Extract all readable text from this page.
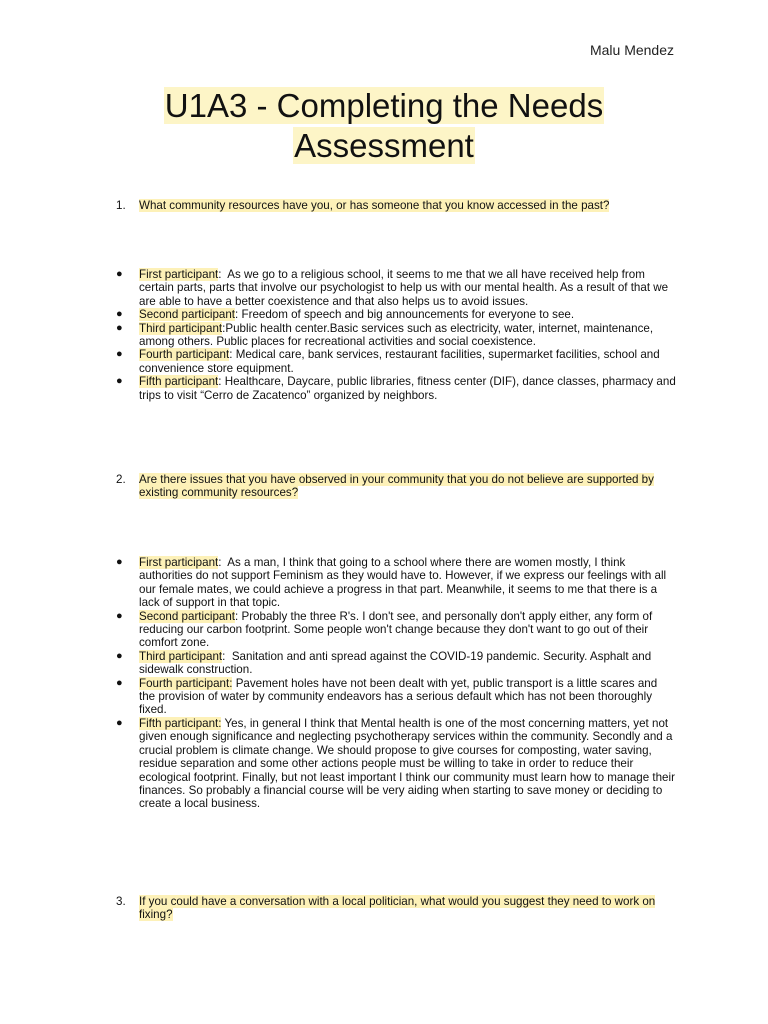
Malu Mendez
U1A3 - Completing the Needs
Assessment
1. What community resources have you, or has someone that you know accessed in the past?
● First participant:  As we go to a religious school, it seems to me that we all have received help from certain parts, parts that involve our psychologist to help us with our mental health. As a result of that we are able to have a better coexistence and that also helps us to avoid issues.
● Second participant: Freedom of speech and big announcements for everyone to see.
● Third participant:Public health center.Basic services such as electricity, water, internet, maintenance, among others. Public places for recreational activities and social coexistence.
● Fourth participant: Medical care, bank services, restaurant facilities, supermarket facilities, school and convenience store equipment.
● Fifth participant: Healthcare, Daycare, public libraries, fitness center (DIF), dance classes, pharmacy and trips to visit “Cerro de Zacatenco” organized by neighbors.
2. Are there issues that you have observed in your community that you do not believe are supported by existing community resources?
● First participant:  As a man, I think that going to a school where there are women mostly, I think authorities do not support Feminism as they would have to. However, if we express our feelings with all our female mates, we could achieve a progress in that part. Meanwhile, it seems to me that there is a lack of support in that topic.
● Second participant: Probably the three R's. I don't see, and personally don't apply either, any form of reducing our carbon footprint. Some people won't change because they don't want to go out of their comfort zone.
● Third participant:  Sanitation and anti spread against the COVID-19 pandemic. Security. Asphalt and sidewalk construction.
● Fourth participant: Pavement holes have not been dealt with yet, public transport is a little scares and the provision of water by community endeavors has a serious default which has not been thoroughly fixed.
● Fifth participant: Yes, in general I think that Mental health is one of the most concerning matters, yet not given enough significance and neglecting psychotherapy services within the community. Secondly and a crucial problem is climate change. We should propose to give courses for composting, water saving, residue separation and some other actions people must be willing to take in order to reduce their ecological footprint. Finally, but not least important I think our community must learn how to manage their finances. So probably a financial course will be very aiding when starting to save money or deciding to create a local business.
3. If you could have a conversation with a local politician, what would you suggest they need to work on fixing?
